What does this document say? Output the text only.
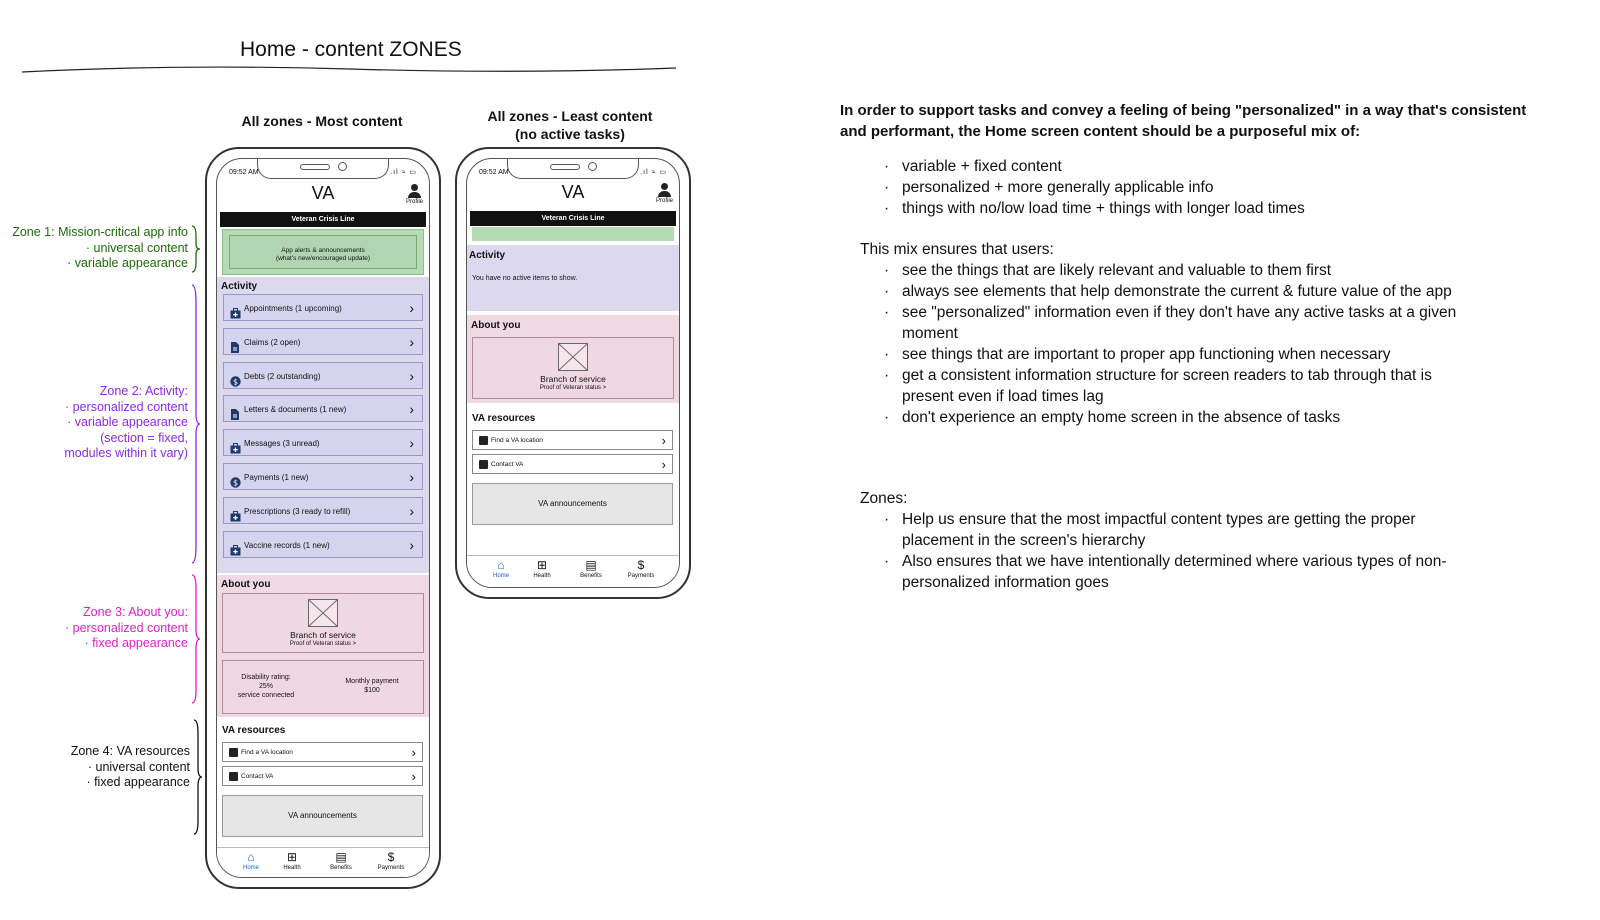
Home - content ZONES
All zones - Most content	All zones - Least content
(no active tasks)
09:52 AM	.ıl ≈ ▭
VA	Profile
Veteran Crisis Line
App alerts & announcements
(what's new/encouraged update)
Activity
Appointments (1 upcoming)	›
Claims (2 open)	›
$
Debts (2 outstanding)	›
Letters & documents (1 new)	›
Messages (3 unread)	›
$
Payments (1 new)	›
Prescriptions (3 ready to refill)	›
Vaccine records (1 new)	›
About you
Branch of service
Proof of Veteran status >
Disability rating:
25%
service connected
Monthly payment
$100
VA resources
Find a VA location	›
Contact VA	›
VA announcements
⌂
Home
⊞
Health
▤
Benefits
$
Payments
09:52 AM	.ıl ≈ ▭
VA	Profile
Veteran Crisis Line
Activity
You have no active items to show.
About you
Branch of service
Proof of Veteran status >
VA resources
Find a VA location	›
Contact VA	›
VA announcements
⌂
Home
⊞
Health
▤
Benefits
$
Payments
Zone 1: Mission-critical app info
· universal content
· variable appearance
Zone 2: Activity:
· personalized content
· variable appearance
(section = fixed,
modules within it vary)
Zone 3: About you:
· personalized content
· fixed appearance
Zone 4: VA resources
· universal content
· fixed appearance
In order to support tasks and convey a feeling of being "personalized" in a way that's consistent and performant, the Home screen content should be a purposeful mix of:
· variable + fixed content
· personalized + more generally applicable info
· things with no/low load time + things with longer load times
This mix ensures that users:
· see the things that are likely relevant and valuable to them first
· always see elements that help demonstrate the current & future value of the app
· see "personalized" information even if they don't have any active tasks at a given moment
· see things that are important to proper app functioning when necessary
· get a consistent information structure for screen readers to tab through that is present even if load times lag
· don't experience an empty home screen in the absence of tasks
Zones:
· Help us ensure that the most impactful content types are getting the proper placement in the screen's hierarchy
· Also ensures that we have intentionally determined where various types of non-personalized information goes
